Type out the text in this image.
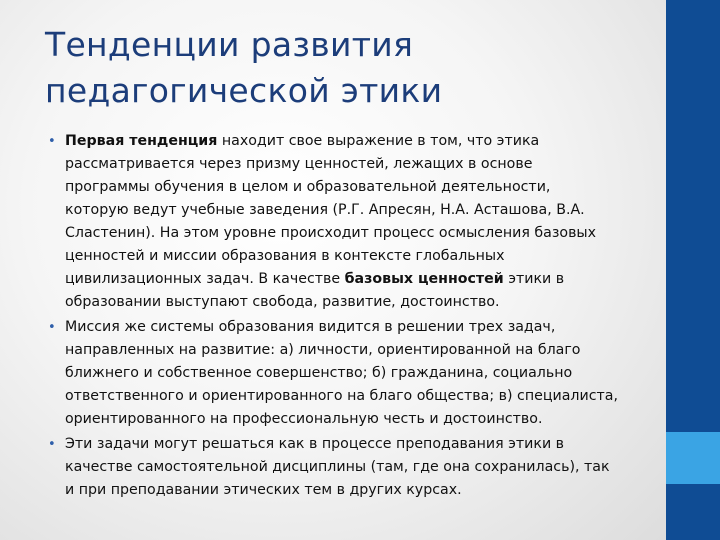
Тенденции развития
педагогической этики
• Первая тенденция находит свое выражение в том, что этика
рассматривается через призму ценностей, лежащих в основе
программы обучения в целом и образовательной деятельности,
которую ведут учебные заведения (Р.Г. Апресян, Н.А. Асташова, В.А.
Сластенин). На этом уровне происходит процесс осмысления базовых
ценностей и миссии образования в контексте глобальных
цивилизационных задач. В качестве базовых ценностей этики в
образовании выступают свобода, развитие, достоинство.
• Миссия же системы образования видится в решении трех задач,
направленных на развитие: а) личности, ориентированной на благо
ближнего и собственное совершенство; б) гражданина, социально
ответственного и ориентированного на благо общества; в) специалиста,
ориентированного на профессиональную честь и достоинство.
• Эти задачи могут решаться как в процессе преподавания этики в
качестве самостоятельной дисциплины (там, где она сохранилась), так
и при преподавании этических тем в других курсах.
